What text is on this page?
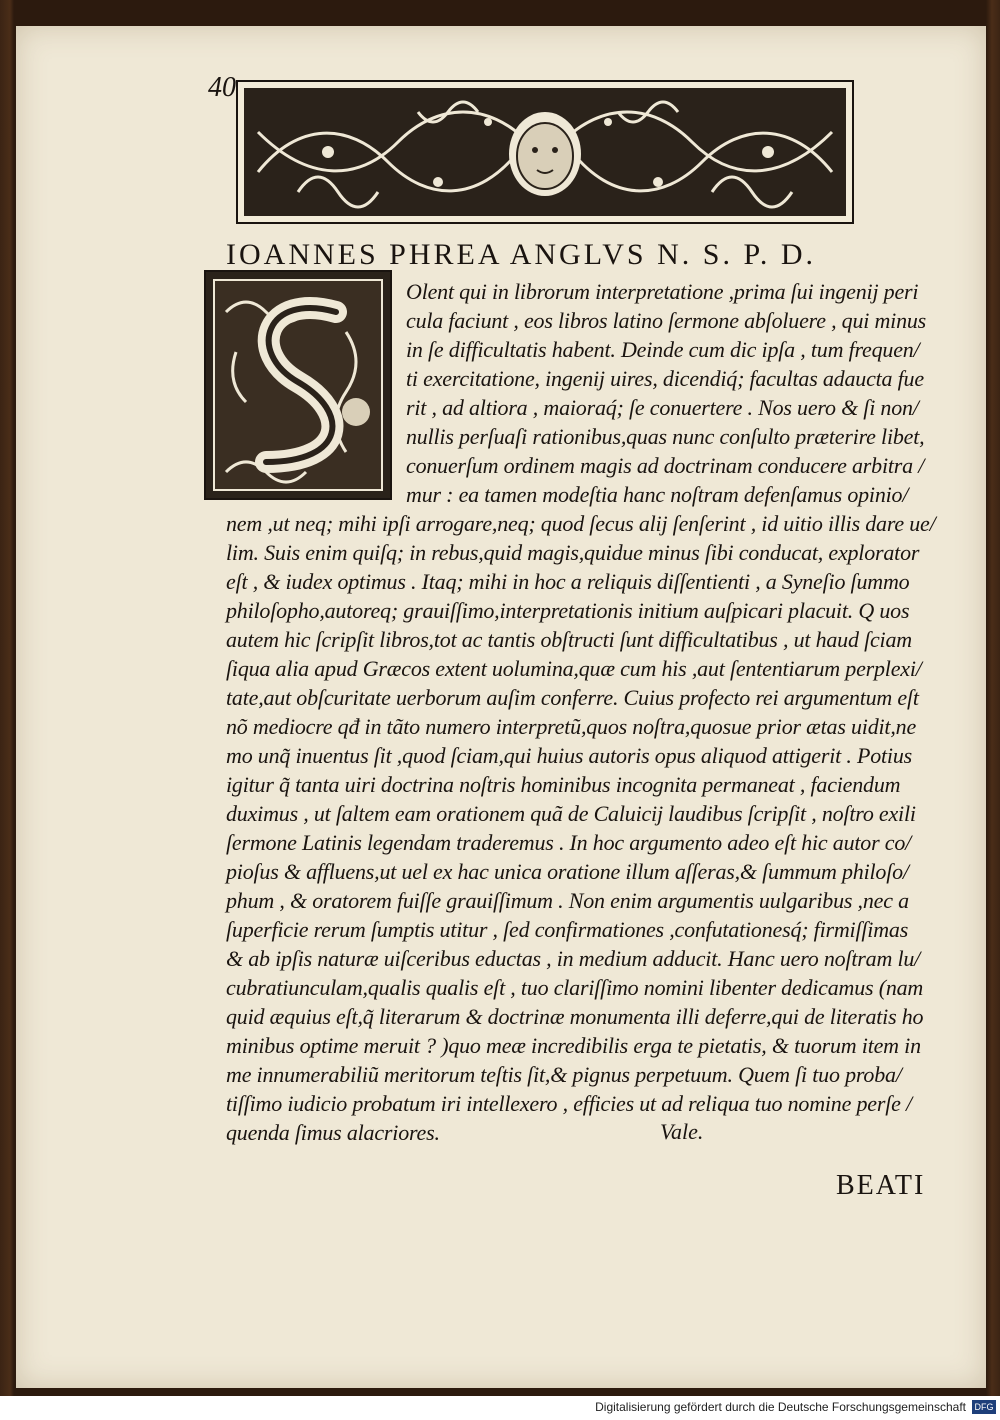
40
IOANNES PHREA ANGLVS N. S. P. D.
Olent qui in librorum interpretatione ,prima ſui ingenij peri
cula faciunt , eos libros latino ſermone abſoluere , qui minus
in ſe difficultatis habent. Deinde cum dic ipſa , tum frequen/
ti exercitatione, ingenij uires, dicendiq́; facultas adaucta fue
rit , ad altiora , maioraq́; ſe conuertere . Nos uero & ſi non/
nullis perſuaſi rationibus,quas nunc conſulto præterire libet,
conuerſum ordinem magis ad doctrinam conducere arbitra /
mur : ea tamen modeſtia hanc noſtram defenſamus opinio/
nem ,ut neq; mihi ipſi arrogare,neq; quod ſecus alij ſenſerint , id uitio illis dare ue/
lim. Suis enim quiſq; in rebus,quid magis,quidue minus ſibi conducat, explorator
eſt , & iudex optimus . Itaq; mihi in hoc a reliquis diſſentienti , a Syneſio ſummo
philoſopho,autoreq; grauiſſimo,interpretationis initium auſpicari placuit. Q uos
autem hic ſcripſit libros,tot ac tantis obſtructi ſunt difficultatibus , ut haud ſciam
ſiqua alia apud Græcos extent uolumina,quæ cum his ,aut ſententiarum perplexi/
tate,aut obſcuritate uerborum auſim conferre. Cuius profecto rei argumentum eſt
nõ mediocre qđ in tãto numero interpretũ,quos noſtra,quosue prior ætas uidit,ne
mo unq̃ inuentus ſit ,quod ſciam,qui huius autoris opus aliquod attigerit . Potius
igitur q̃ tanta uiri doctrina noſtris hominibus incognita permaneat , faciendum
duximus , ut ſaltem eam orationem quã de Caluicij laudibus ſcripſit , noſtro exili
ſermone Latinis legendam traderemus . In hoc argumento adeo eſt hic autor co/
pioſus & affluens,ut uel ex hac unica oratione illum aſſeras,& ſummum philoſo/
phum , & oratorem fuiſſe grauiſſimum . Non enim argumentis uulgaribus ,nec a
ſuperficie rerum ſumptis utitur , ſed confirmationes ,confutationesq́; firmiſſimas
& ab ipſis naturæ uiſceribus eductas , in medium adducit. Hanc uero noſtram lu/
cubratiunculam,qualis qualis eſt , tuo clariſſimo nomini libenter dedicamus (nam
quid æquius eſt,q̃ literarum & doctrinæ monumenta illi deferre,qui de literatis ho
minibus optime meruit ? )quo meæ incredibilis erga te pietatis, & tuorum item in
me innumerabiliũ meritorum teſtis ſit,& pignus perpetuum. Quem ſi tuo proba/
tiſſimo iudicio probatum iri intellexero , efficies ut ad reliqua tuo nomine perſe /
quenda ſimus alacriores.	Vale.
BEATI
Digitalisierung gefördert durch die Deutsche Forschungsgemeinschaft DFG
